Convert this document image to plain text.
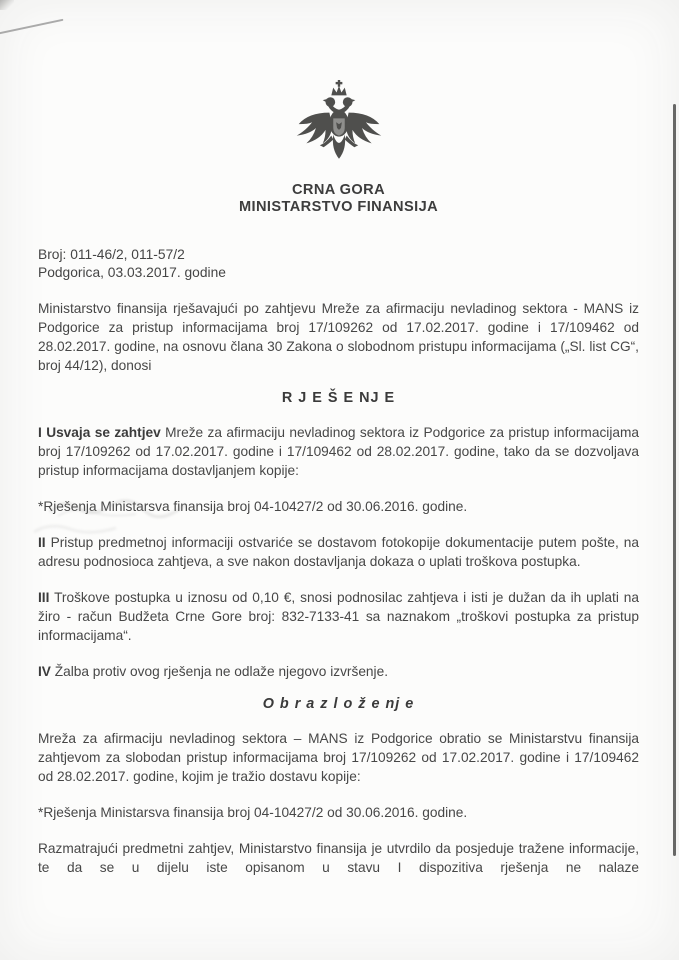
CRNA GORA
MINISTARSTVO FINANSIJA
Broj: 011-46/2, 011-57/2
Podgorica, 03.03.2017. godine

Ministarstvo finansija rješavajući po zahtjevu Mreže za afirmaciju nevladinog sektora - MANS iz Podgorice za pristup informacijama broj 17/109262 od 17.02.2017. godine i 17/109462 od 28.02.2017. godine, na osnovu člana 30 Zakona o slobodnom pristupu informacijama („Sl. list CG“, broj 44/12), donosi

R J E Š E NJ E

I Usvaja se zahtjev Mreže za afirmaciju nevladinog sektora iz Podgorice za pristup informacijama broj 17/109262 od 17.02.2017. godine i 17/109462 od 28.02.2017. godine, tako da se dozvoljava pristup informacijama dostavljanjem kopije:

*Rješenja Ministarsva finansija broj 04-10427/2 od 30.06.2016. godine.

II Pristup predmetnoj informaciji ostvariće se dostavom fotokopije dokumentacije putem pošte, na adresu podnosioca zahtjeva, a sve nakon dostavljanja dokaza o uplati troškova postupka.

III Troškove postupka u iznosu od 0,10 €, snosi podnosilac zahtjeva i isti je dužan da ih uplati na žiro - račun Budžeta Crne Gore broj: 832-7133-41 sa naznakom „troškovi postupka za pristup informacijama“.

IV Žalba protiv ovog rješenja ne odlaže njegovo izvršenje.

O b r a z l o ž e nj e

Mreža za afirmaciju nevladinog sektora – MANS iz Podgorice obratio se Ministarstvu finansija zahtjevom za slobodan pristup informacijama broj 17/109262 od 17.02.2017. godine i 17/109462 od 28.02.2017. godine, kojim je tražio dostavu kopije:

*Rješenja Ministarsva finansija broj 04-10427/2 od 30.06.2016. godine.

Razmatrajući predmetni zahtjev, Ministarstvo finansija je utvrdilo da posjeduje tražene informacije, te da se u dijelu iste opisanom u stavu I dispozitiva rješenja ne nalaze
